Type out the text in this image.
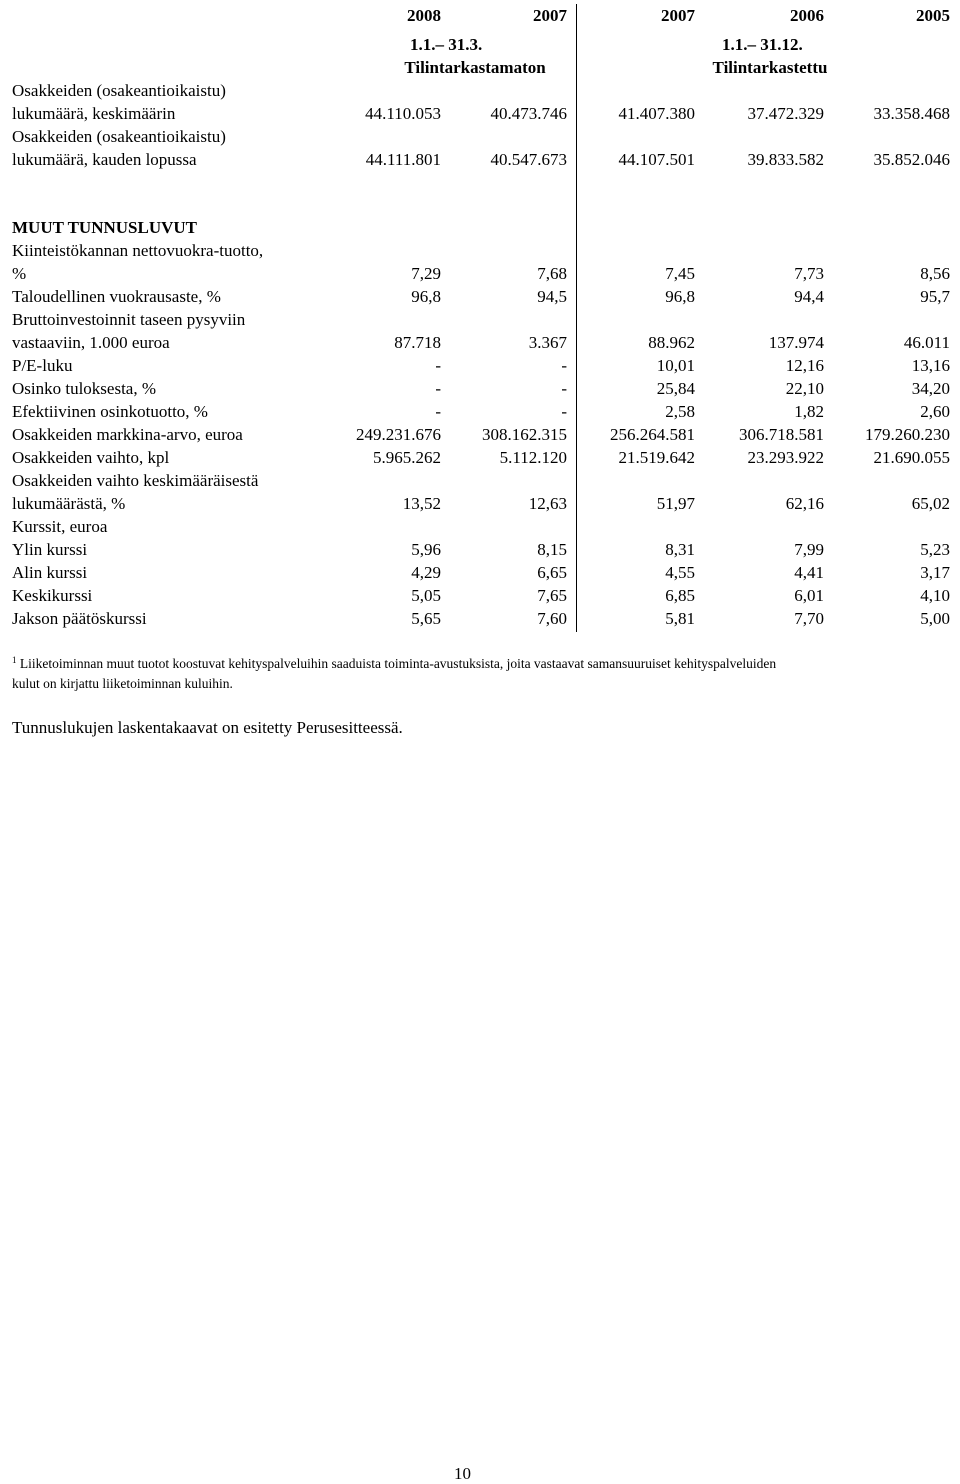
2008	2007	2007	2006	2005
1.1.– 31.3.	1.1.– 31.12.
Tilintarkastamaton	Tilintarkastettu
Osakkeiden (osakeantioikaistu)
lukumäärä, keskimäärin	44.110.053	40.473.746	41.407.380	37.472.329	33.358.468
Osakkeiden (osakeantioikaistu)
lukumäärä, kauden lopussa	44.111.801	40.547.673	44.107.501	39.833.582	35.852.046
MUUT TUNNUSLUVUT
Kiinteistökannan nettovuokra-tuotto,
%	7,29	7,68	7,45	7,73	8,56
Taloudellinen vuokrausaste, %	96,8	94,5	96,8	94,4	95,7
Bruttoinvestoinnit taseen pysyviin
vastaaviin, 1.000 euroa	87.718	3.367	88.962	137.974	46.011
P/E-luku	-	-	10,01	12,16	13,16
Osinko tuloksesta, %	-	-	25,84	22,10	34,20
Efektiivinen osinkotuotto, %	-	-	2,58	1,82	2,60
Osakkeiden markkina-arvo, euroa	249.231.676	308.162.315	256.264.581	306.718.581	179.260.230
Osakkeiden vaihto, kpl	5.965.262	5.112.120	21.519.642	23.293.922	21.690.055
Osakkeiden vaihto keskimääräisestä
lukumäärästä, %	13,52	12,63	51,97	62,16	65,02
Kurssit, euroa
Ylin kurssi	5,96	8,15	8,31	7,99	5,23
Alin kurssi	4,29	6,65	4,55	4,41	3,17
Keskikurssi	5,05	7,65	6,85	6,01	4,10
Jakson päätöskurssi	5,65	7,60	5,81	7,70	5,00
$^1$ Liiketoiminnan muut tuotot koostuvat kehityspalveluihin saaduista toiminta-avustuksista, joita vastaavat samansuuruiset kehityspalveluiden
kulut on kirjattu liiketoiminnan kuluihin.
Tunnuslukujen laskentakaavat on esitetty Perusesitteessä.
10
